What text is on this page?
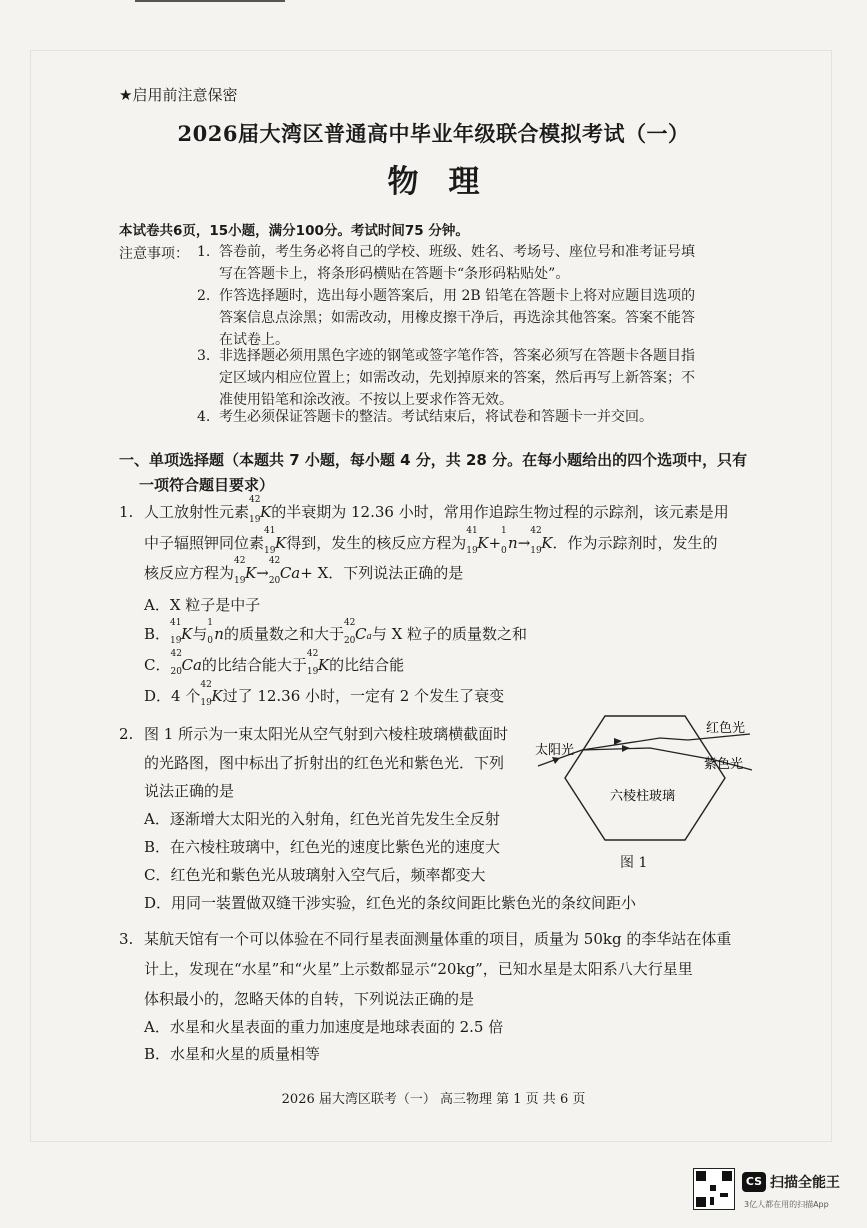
★启用前注意保密
2026届大湾区普通高中毕业年级联合模拟考试（一）
物理
本试卷共6页，15小题，满分100分。考试时间75 分钟。
注意事项： 1. 答卷前，考生务必将自己的学校、班级、姓名、考场号、座位号和准考证号填
写在答题卡上，将条形码横贴在答题卡“条形码粘贴处”。
2. 作答选择题时，选出每小题答案后，用 2B 铅笔在答题卡上将对应题目选项的
答案信息点涂黑；如需改动，用橡皮擦干净后，再选涂其他答案。答案不能答
在试卷上。
3. 非选择题必须用黑色字迹的钢笔或签字笔作答，答案必须写在答题卡各题目指
定区域内相应位置上；如需改动，先划掉原来的答案，然后再写上新答案；不
准使用铅笔和涂改液。不按以上要求作答无效。
4. 考生必须保证答题卡的整洁。考试结束后，将试卷和答题卡一并交回。
一、单项选择题（本题共 7 小题，每小题 4 分，共 28 分。在每小题给出的四个选项中，只有
一项符合题目要求）
1. 人工放射性元素
42
19 K的半衰期为 12.36 小时，常用作追踪生物过程的示踪剂，该元素是用
中子辐照钾同位素
41
19 K得到，发生的核反应方程为
41
19 K+
1
0 n→
42
19 K．作为示踪剂时，发生的
核反应方程为
42
19 K→
42
20 Ca+ X．下列说法正确的是
A．X 粒子是中子
B．
41
19 K与
1
0 n的质量数之和大于
42
20 Ca与 X 粒子的质量数之和
C．
42
20 Ca的比结合能大于
42
19 K的比结合能
D．4 个
42
19 K过了 12.36 小时，一定有 2 个发生了衰变
2. 图 1 所示为一束太阳光从空气射到六棱柱玻璃横截面时
的光路图，图中标出了折射出的红色光和紫色光．下列
说法正确的是
A．逐渐增大太阳光的入射角，红色光首先发生全反射
B．在六棱柱玻璃中，红色光的速度比紫色光的速度大
C．红色光和紫色光从玻璃射入空气后，频率都变大
D．用同一装置做双缝干涉实验，红色光的条纹间距比紫色光的条纹间距小
太阳光
红色光
紫色光
六棱柱玻璃
图 1
3. 某航天馆有一个可以体验在不同行星表面测量体重的项目，质量为 50kg 的李华站在体重
计上，发现在“水星”和“火星”上示数都显示“20kg”，已知水星是太阳系八大行星里
体积最小的，忽略天体的自转，下列说法正确的是
A．水星和火星表面的重力加速度是地球表面的 2.5 倍
B．水星和火星的质量相等
2026 届大湾区联考（一） 高三物理 第 1 页 共 6 页
CS 扫描全能王
3亿人都在用的扫描App
